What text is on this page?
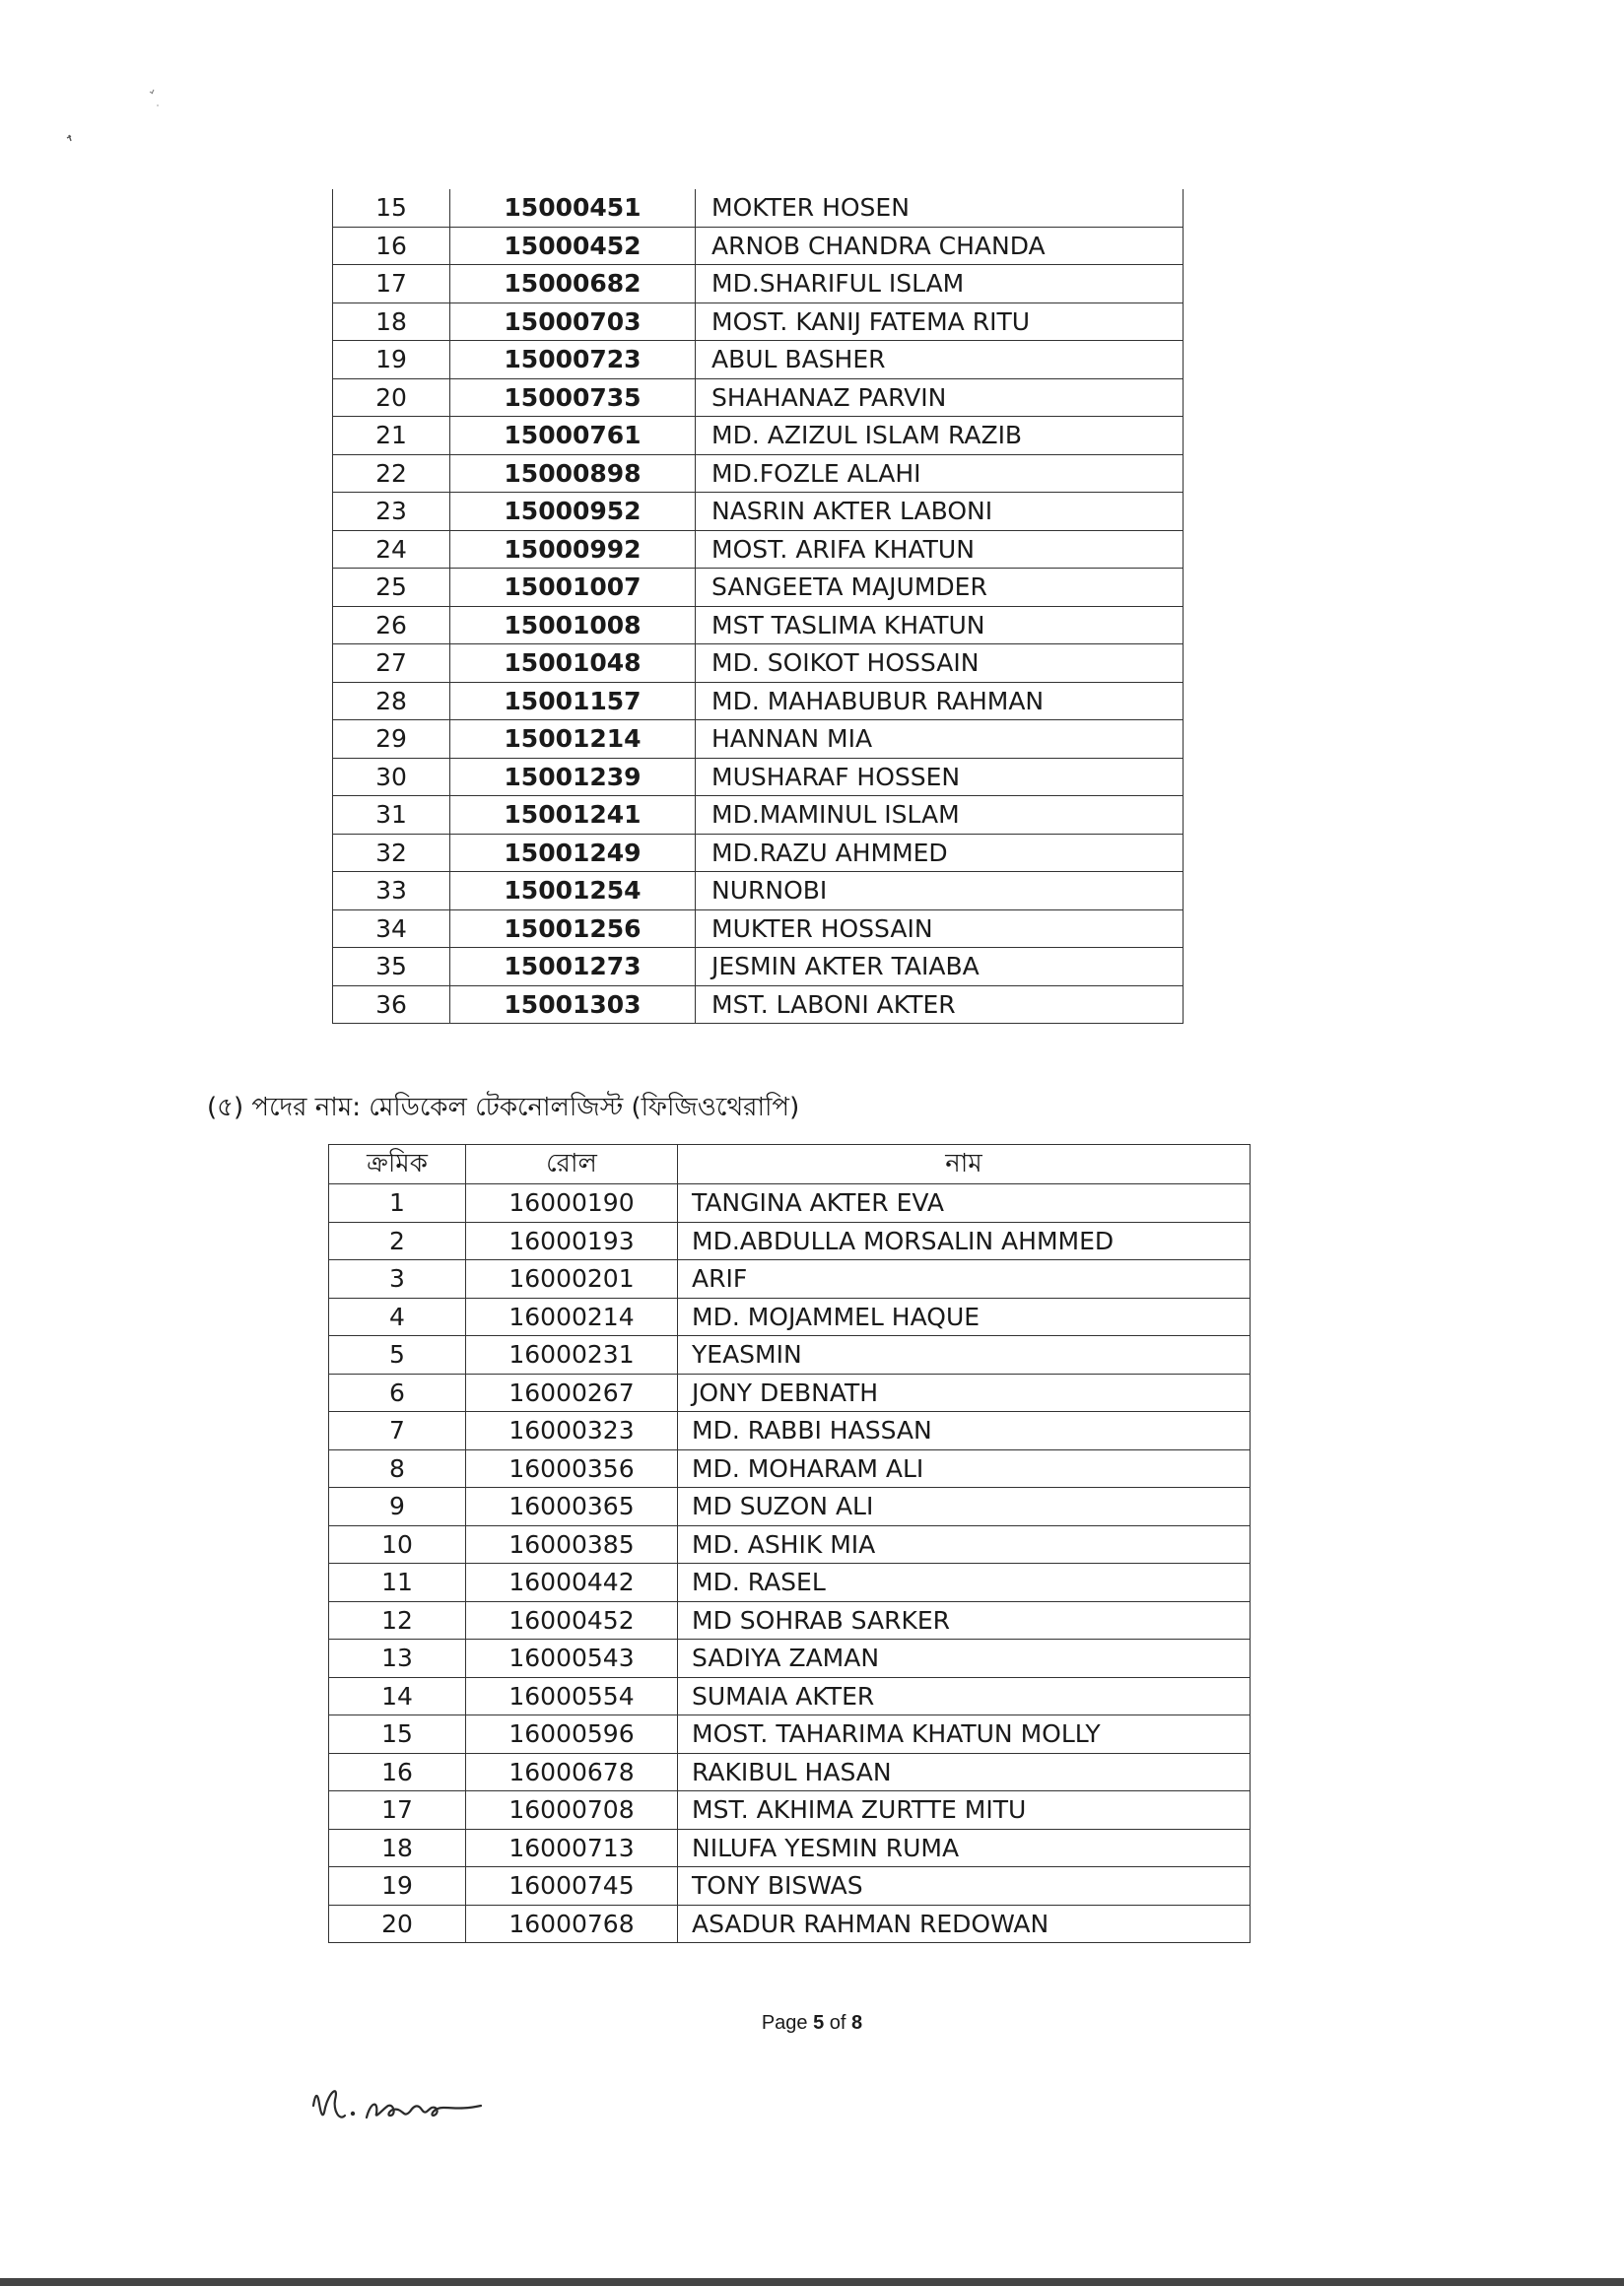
15	15000451	MOKTER HOSEN
16	15000452	ARNOB CHANDRA CHANDA
17	15000682	MD.SHARIFUL ISLAM
18	15000703	MOST. KANIJ FATEMA RITU
19	15000723	ABUL BASHER
20	15000735	SHAHANAZ PARVIN
21	15000761	MD. AZIZUL ISLAM RAZIB
22	15000898	MD.FOZLE ALAHI
23	15000952	NASRIN AKTER LABONI
24	15000992	MOST. ARIFA KHATUN
25	15001007	SANGEETA MAJUMDER
26	15001008	MST TASLIMA KHATUN
27	15001048	MD. SOIKOT HOSSAIN
28	15001157	MD. MAHABUBUR RAHMAN
29	15001214	HANNAN MIA
30	15001239	MUSHARAF HOSSEN
31	15001241	MD.MAMINUL ISLAM
32	15001249	MD.RAZU AHMMED
33	15001254	NURNOBI
34	15001256	MUKTER HOSSAIN
35	15001273	JESMIN AKTER TAIABA
36	15001303	MST. LABONI AKTER
(৫) পদের নাম: মেডিকেল টেকনোলজিস্ট (ফিজিওথেরাপি)
ক্রমিক	রোল	নাম
1	16000190	TANGINA AKTER EVA
2	16000193	MD.ABDULLA MORSALIN AHMMED
3	16000201	ARIF
4	16000214	MD. MOJAMMEL HAQUE
5	16000231	YEASMIN
6	16000267	JONY DEBNATH
7	16000323	MD. RABBI HASSAN
8	16000356	MD. MOHARAM ALI
9	16000365	MD SUZON ALI
10	16000385	MD. ASHIK MIA
11	16000442	MD. RASEL
12	16000452	MD SOHRAB SARKER
13	16000543	SADIYA ZAMAN
14	16000554	SUMAIA AKTER
15	16000596	MOST. TAHARIMA KHATUN MOLLY
16	16000678	RAKIBUL HASAN
17	16000708	MST. AKHIMA ZURTTE MITU
18	16000713	NILUFA YESMIN RUMA
19	16000745	TONY BISWAS
20	16000768	ASADUR RAHMAN REDOWAN
Page 5 of 8
